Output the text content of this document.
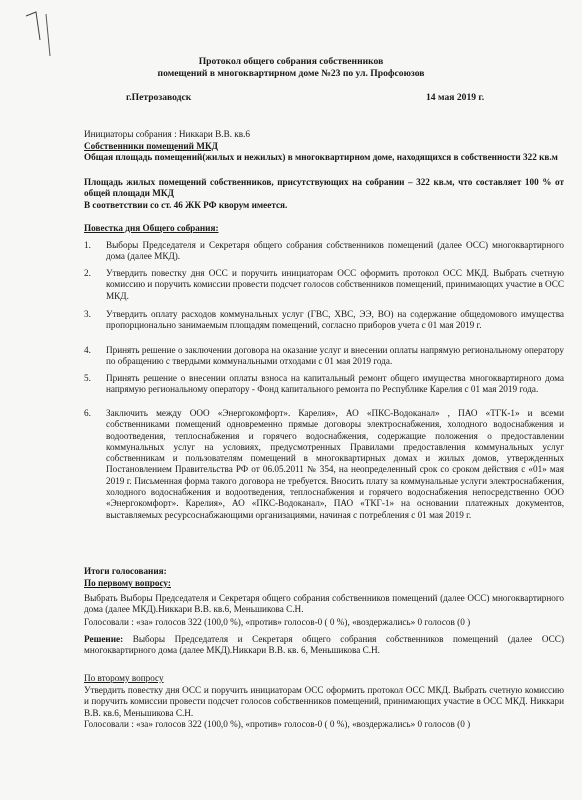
Протокол общего собрания собственников
помещений в многоквартирном доме №23 по ул. Профсоюзов
г.Петрозаводск	14 мая 2019 г.
Инициаторы собрания : Никкари В.В. кв.6
Собственники помещений МКД
Общая площадь помещений(жилых и нежилых) в многоквартирном доме, находящихся в собственности 322 кв.м
Площадь жилых помещений собственников, присутствующих на собрании – 322 кв.м, что составляет 100 % от общей площади МКД
В соответствии со ст. 46 ЖК РФ кворум имеется.
Повестка дня Общего собрания:
1.	Выборы Председателя и Секретаря общего собрания собственников помещений (далее ОСС) многоквартирного дома (далее МКД).
2.	Утвердить повестку дня ОСС и поручить инициаторам ОСС оформить протокол ОСС МКД. Выбрать счетную комиссию и поручить комиссии провести подсчет голосов собственников помещений, принимающих участие в ОСС МКД.
3.	Утвердить оплату расходов коммунальных услуг (ГВС, ХВС, ЭЭ, ВО) на содержание общедомового имущества пропорционально занимаемым площадям помещений, согласно приборов учета с 01 мая 2019 г.
4.	Принять решение о заключении договора на оказание услуг и внесении оплаты напрямую региональному оператору по обращению с твердыми коммунальными отходами с 01 мая 2019 года.
5.	Принять решение о внесении оплаты взноса на капитальный ремонт общего имущества многоквартирного дома напрямую региональному оператору - Фонд капитального ремонта по Республике Карелия с 01 мая 2019 года.
6.	Заключить между ООО «Энергокомфорт». Карелия», АО «ПКС-Водоканал» , ПАО «ТГК-1» и всеми собственниками помещений одновременно прямые договоры электроснабжения, холодного водоснабжения и водоотведения, теплоснабжения и горячего водоснабжения, содержащие положения о предоставлении коммунальных услуг на условиях, предусмотренных Правилами предоставления коммунальных услуг собственникам и пользователям помещений в многоквартирных домах и жилых домов, утвержденных Постановлением Правительства РФ от 06.05.2011 № 354, на неопределенный срок со сроком действия с «01» мая 2019 г. Письменная форма такого договора не требуется. Вносить плату за коммунальные услуги электроснабжения, холодного водоснабжения и водоотведения, теплоснабжения и горячего водоснабжения непосредственно ООО «Энергокомфорт». Карелия», АО «ПКС-Водоканал», ПАО «ТКГ-1» на основании платежных документов, выставляемых ресурсоснабжающими организациями, начиная с потребления с 01 мая 2019 г.
Итоги голосования:
По первому вопросу:
Выбрать Выборы Председателя и Секретаря общего собрания собственников помещений (далее ОСС) многоквартирного дома (далее МКД).Никкари В.В. кв.6, Меньшикова С.Н.
Голосовали : «за» голосов 322 (100,0 %), «против» голосов-0 ( 0 %), «воздержались» 0 голосов (0 )
Решение: Выборы Председателя и Секретаря общего собрания собственников помещений (далее ОСС) многоквартирного дома (далее МКД).Никкари В.В. кв. 6, Меньшикова С.Н.
По второму вопросу
Утвердить повестку дня ОСС и поручить инициаторам ОСС оформить протокол ОСС МКД. Выбрать счетную комиссию и поручить комиссии провести подсчет голосов собственников помещений, принимающих участие в ОСС МКД. Никкари В.В. кв.6, Меньшикова С.Н.
Голосовали : «за» голосов 322 (100,0 %), «против» голосов-0 ( 0 %), «воздержались» 0 голосов (0 )
